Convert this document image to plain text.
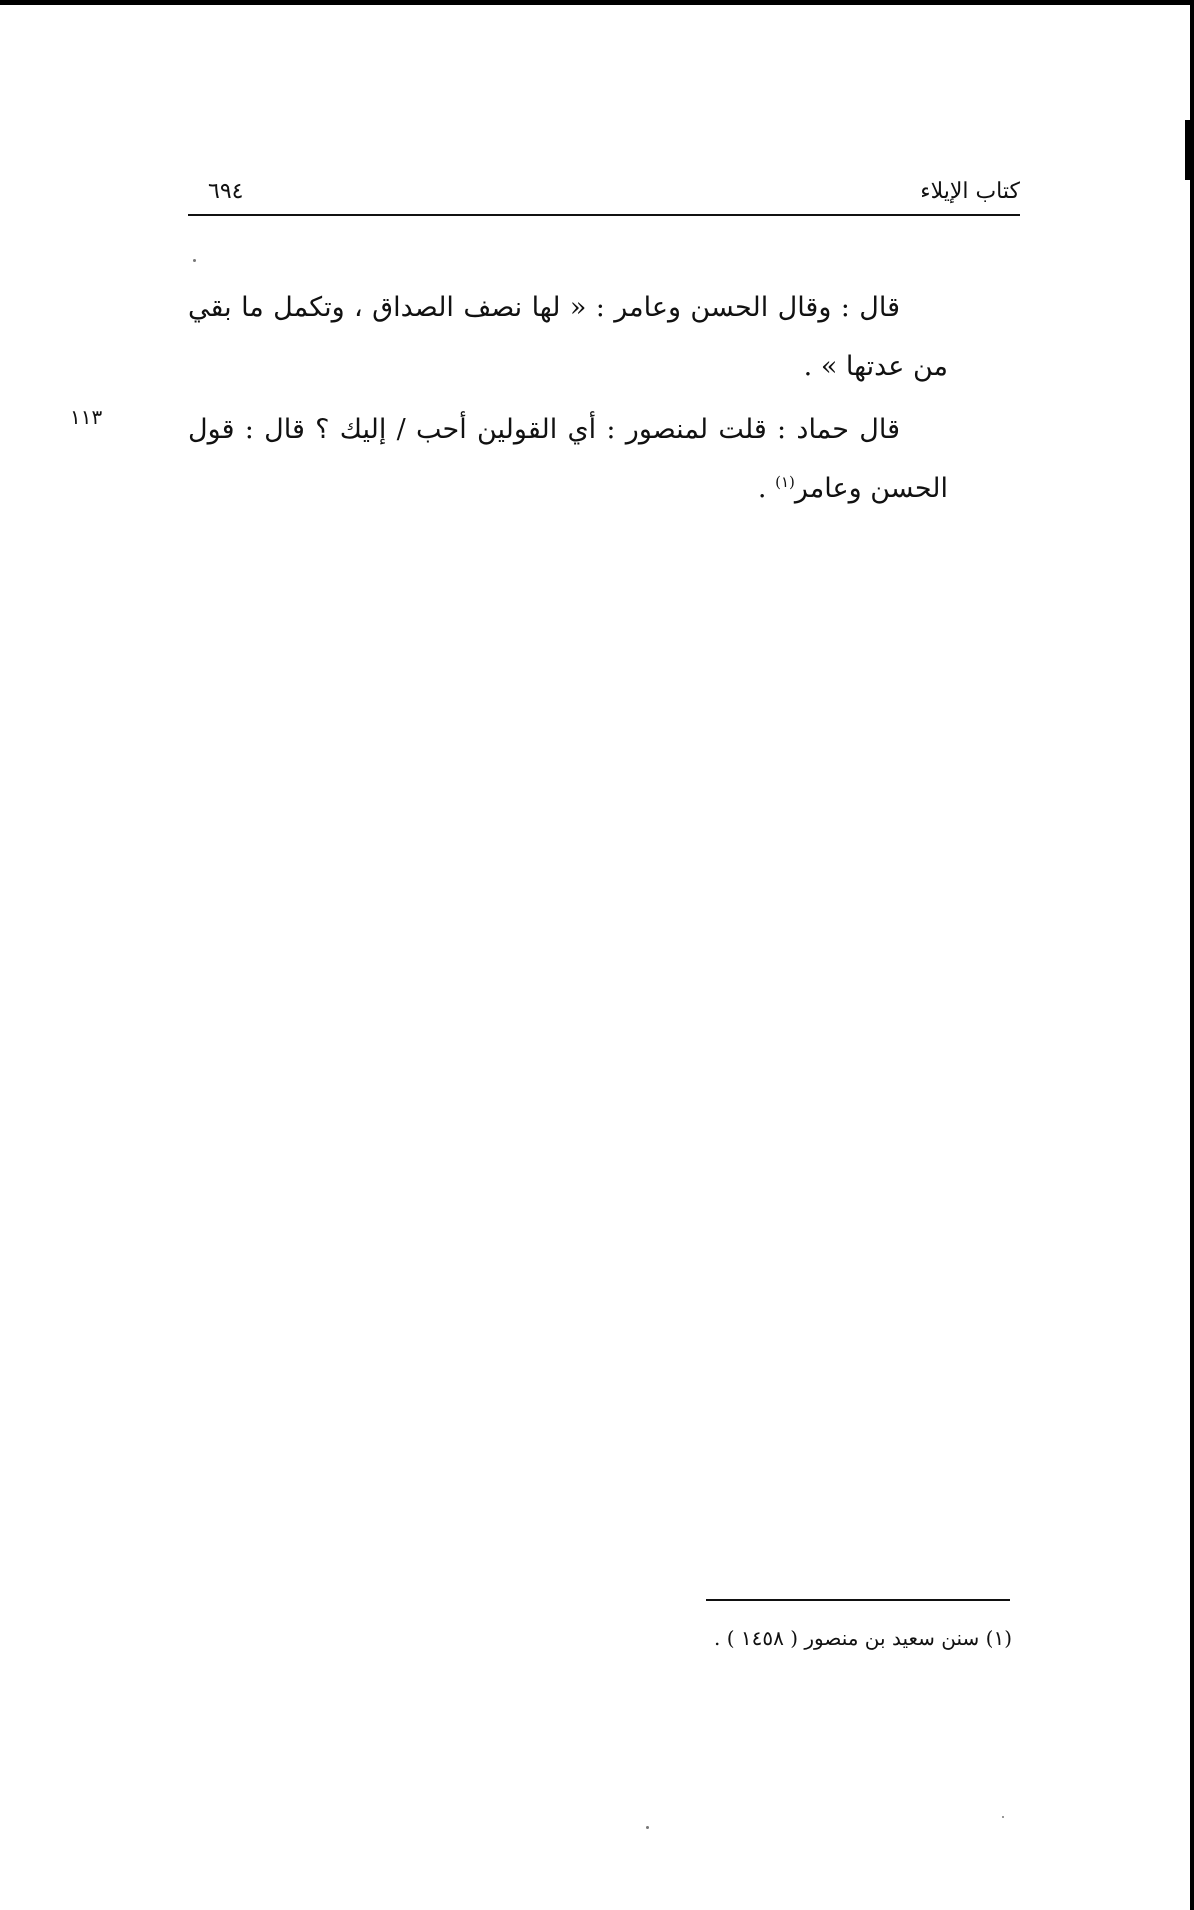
كتاب الإيلاء
٦٩٤

قال : وقال الحسن وعامر : « لها نصف الصداق ، وتكمل ما بقي من عدتها » .

قال حماد : قلت لمنصور : أي القولين أحب / إليك ؟ قال : قول الحسن وعامر$^{(١)}$ .

١١٣
(١) سنن سعيد بن منصور ( ١٤٥٨ ) .
